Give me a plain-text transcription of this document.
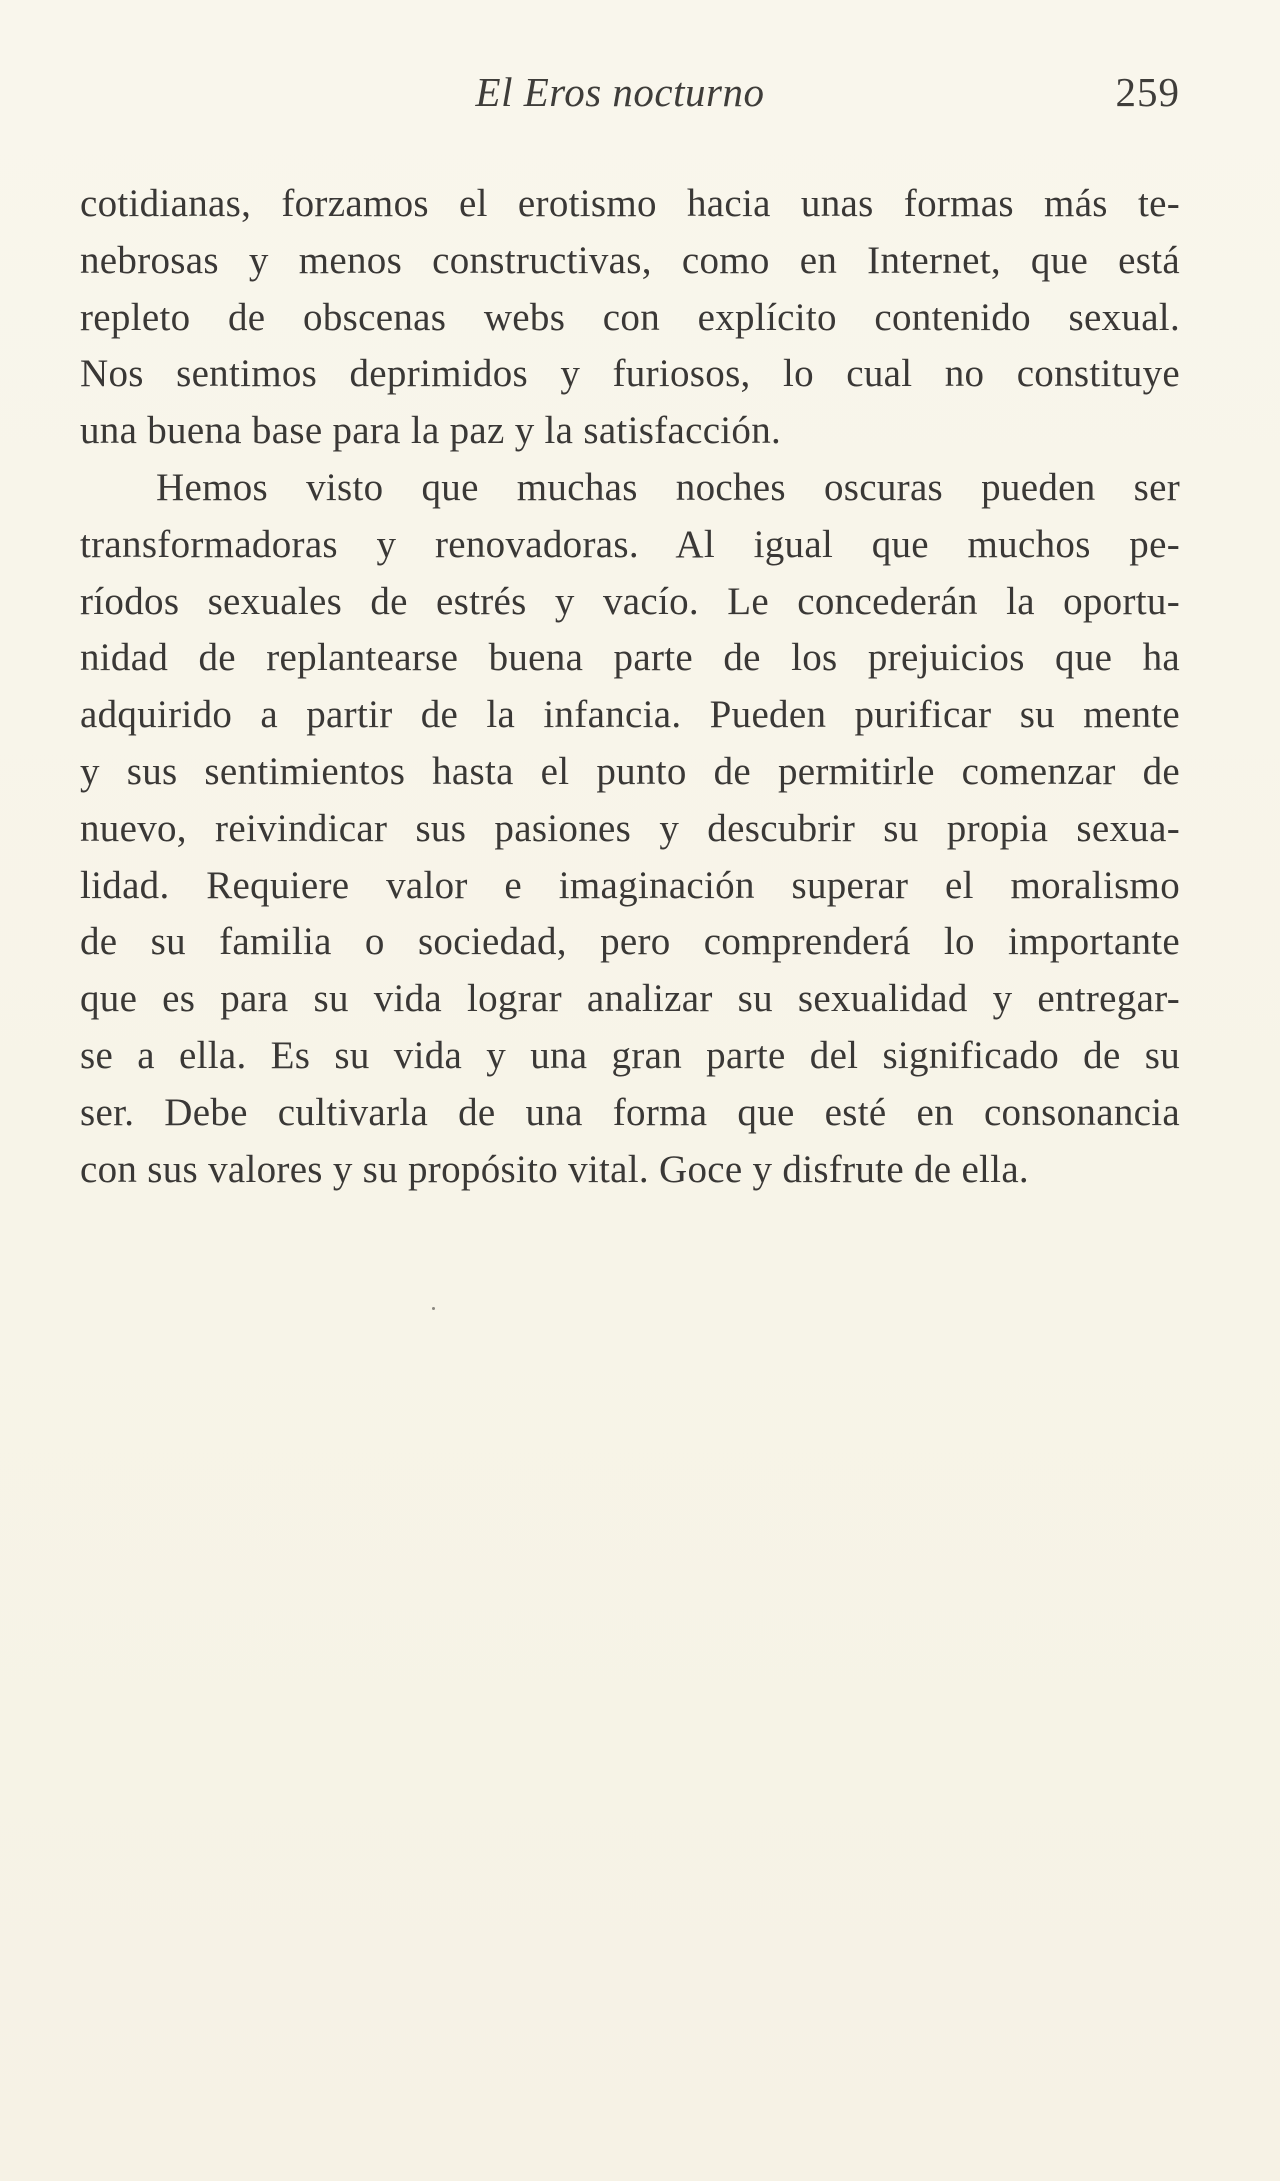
El Eros nocturno	259
cotidianas, forzamos el erotismo hacia unas formas más te-
nebrosas y menos constructivas, como en Internet, que está
repleto de obscenas webs con explícito contenido sexual.
Nos sentimos deprimidos y furiosos, lo cual no constituye
una buena base para la paz y la satisfacción.
Hemos visto que muchas noches oscuras pueden ser
transformadoras y renovadoras. Al igual que muchos pe-
ríodos sexuales de estrés y vacío. Le concederán la oportu-
nidad de replantearse buena parte de los prejuicios que ha
adquirido a partir de la infancia. Pueden purificar su mente
y sus sentimientos hasta el punto de permitirle comenzar de
nuevo, reivindicar sus pasiones y descubrir su propia sexua-
lidad. Requiere valor e imaginación superar el moralismo
de su familia o sociedad, pero comprenderá lo importante
que es para su vida lograr analizar su sexualidad y entregar-
se a ella. Es su vida y una gran parte del significado de su
ser. Debe cultivarla de una forma que esté en consonancia
con sus valores y su propósito vital. Goce y disfrute de ella.
